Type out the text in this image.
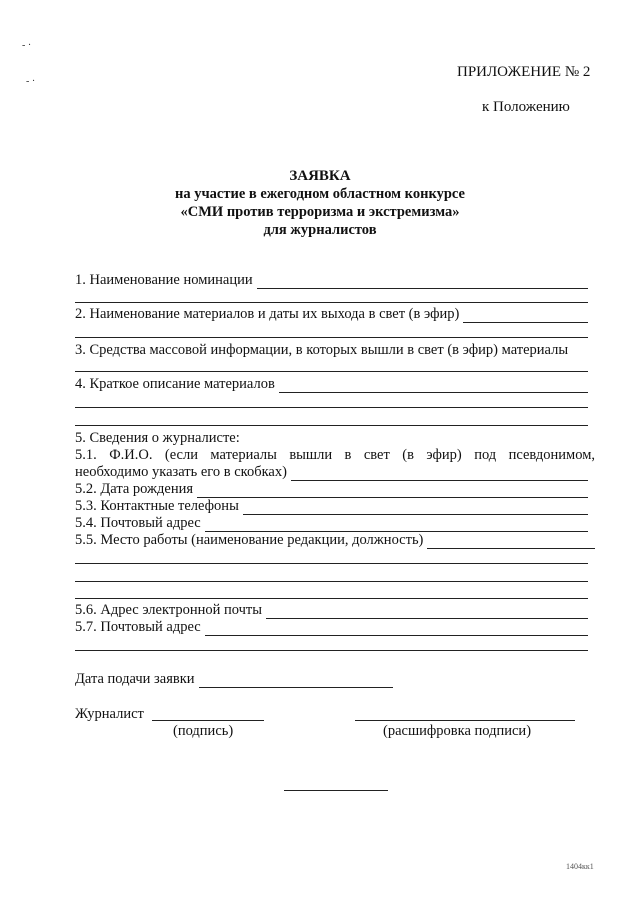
- ·
- ·
ПРИЛОЖЕНИЕ № 2
к Положению
ЗАЯВКА
на участие в ежегодном областном конкурсе
«СМИ против терроризма и экстремизма»
для журналистов
1. Наименование номинации
2. Наименование материалов и даты их выхода в свет (в эфир)
3. Средства массовой информации, в которых вышли в свет (в эфир) материалы
4. Краткое описание материалов
5. Сведения о журналисте:
5.1. Ф.И.О. (если материалы вышли в свет (в эфир) под псевдонимом,
необходимо указать его в скобках)
5.2. Дата рождения
5.3. Контактные телефоны
5.4. Почтовый адрес
5.5. Место работы (наименование редакции, должность)
5.6. Адрес электронной почты
5.7. Почтовый адрес
Дата подачи заявки
Журналист
(подпись)	(расшифровка подписи)
1404кк1
